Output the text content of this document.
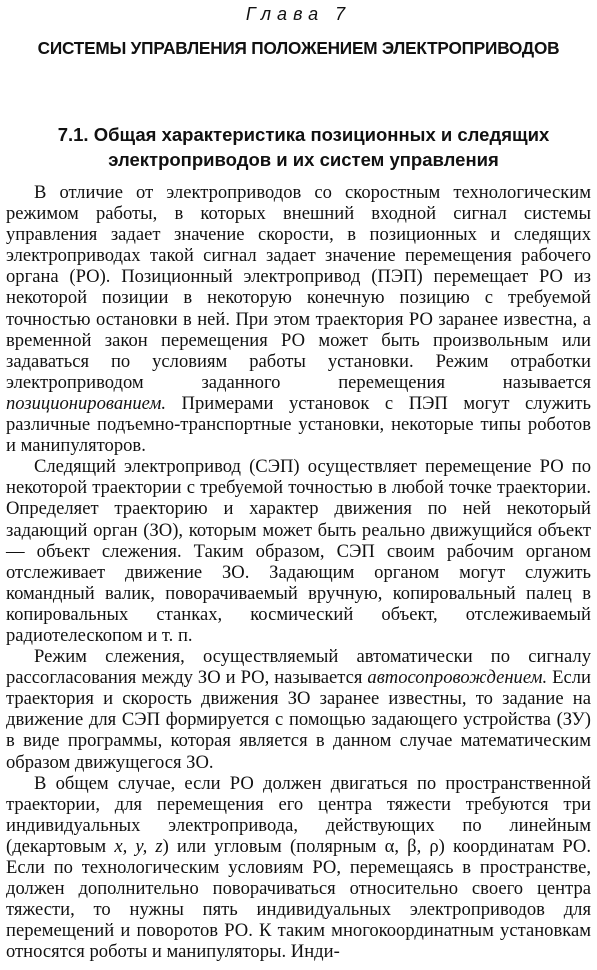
Глава 7
СИСТЕМЫ УПРАВЛЕНИЯ ПОЛОЖЕНИЕМ ЭЛЕКТРОПРИВОДОВ
7.1. Общая характеристика позиционных и следящих электроприводов и их систем управления

В отличие от электроприводов со скоростным технологическим режимом работы, в которых внешний входной сигнал системы управления задает значение скорости, в позиционных и следящих электроприводах такой сигнал задает значение перемещения рабочего органа (РО). Позиционный электропривод (ПЭП) перемещает РО из некоторой позиции в некоторую конечную позицию с требуемой точностью остановки в ней. При этом траектория РО заранее известна, а временной закон перемещения РО может быть произвольным или задаваться по условиям работы установки. Режим отработки электроприводом заданного перемещения называется позиционированием. Примерами установок с ПЭП могут служить различные подъемно-транспортные установки, некоторые типы роботов и манипуляторов.

Следящий электропривод (СЭП) осуществляет перемещение РО по некоторой траектории с требуемой точностью в любой точке траектории. Определяет траекторию и характер движения по ней некоторый задающий орган (ЗО), которым может быть реально движущийся объект — объект слежения. Таким образом, СЭП своим рабочим органом отслеживает движение ЗО. Задающим органом могут служить командный валик, поворачиваемый вручную, копировальный палец в копировальных станках, космический объект, отслеживаемый радиотелескопом и т. п.

Режим слежения, осуществляемый автоматически по сигналу рассогласования между ЗО и РО, называется автосопровождением. Если траектория и скорость движения ЗО заранее известны, то задание на движение для СЭП формируется с помощью задающего устройства (ЗУ) в виде программы, которая является в данном случае математическим образом движущегося ЗО.

В общем случае, если РО должен двигаться по пространственной траектории, для перемещения его центра тяжести требуются три индивидуальных электропривода, действующих по линейным (декартовым x, y, z) или угловым (полярным α, β, ρ) координатам РО. Если по технологическим условиям РО, перемещаясь в пространстве, должен дополнительно поворачиваться относительно своего центра тяжести, то нужны пять индивидуальных электроприводов для перемещений и поворотов РО. К таким многокоординатным установкам относятся роботы и манипуляторы. Инди-
